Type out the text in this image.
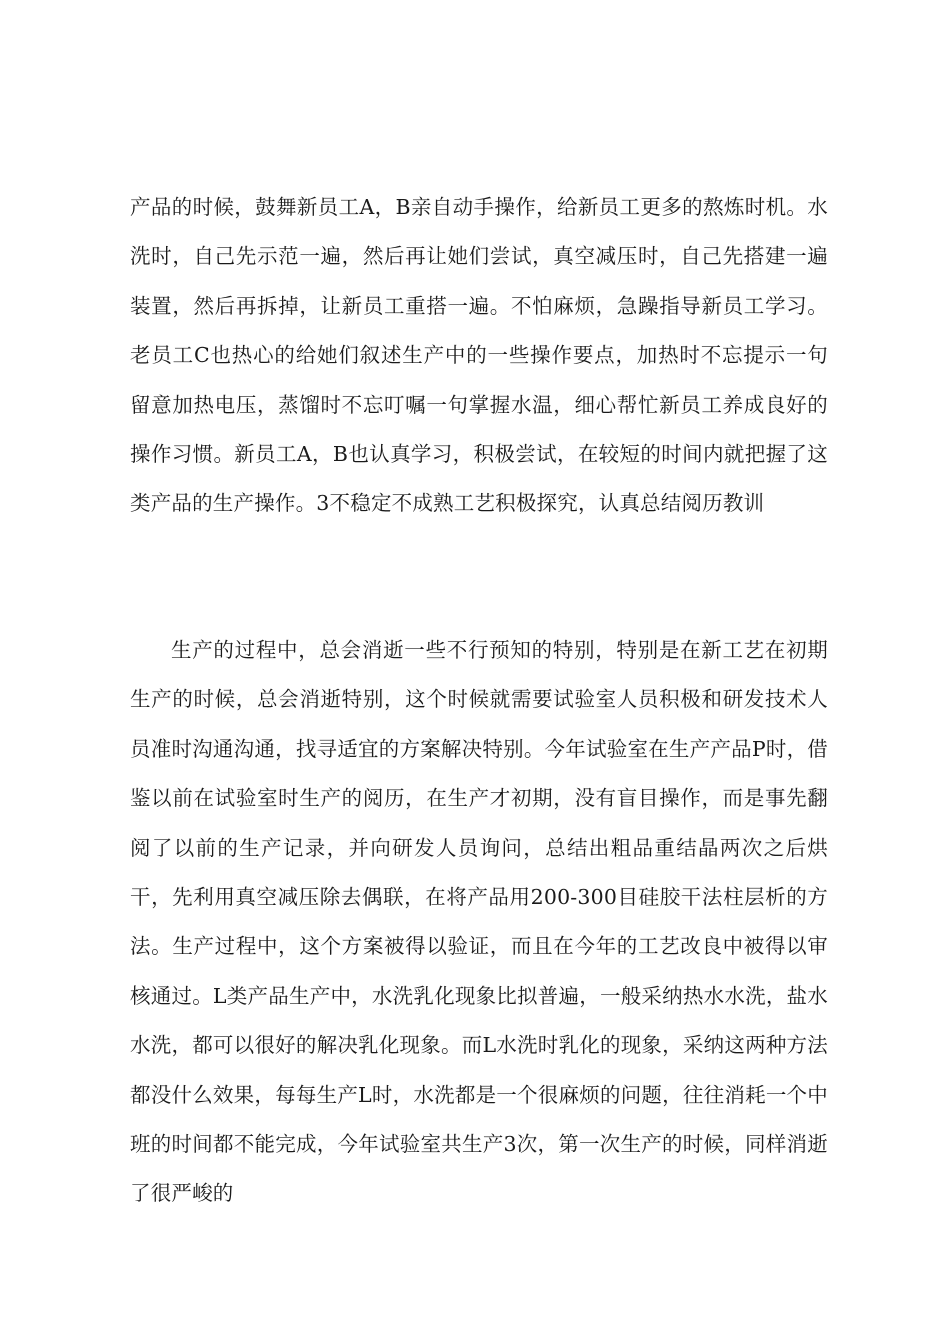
产品的时候，鼓舞新员工A，B亲自动手操作，给新员工更多的熬炼时机。水洗时，自己先示范一遍，然后再让她们尝试，真空减压时，自己先搭建一遍装置，然后再拆掉，让新员工重搭一遍。不怕麻烦，急躁指导新员工学习。老员工C也热心的给她们叙述生产中的一些操作要点，加热时不忘提示一句留意加热电压，蒸馏时不忘叮嘱一句掌握水温，细心帮忙新员工养成良好的操作习惯。新员工A，B也认真学习，积极尝试，在较短的时间内就把握了这类产品的生产操作。3不稳定不成熟工艺积极探究，认真总结阅历教训

生产的过程中，总会消逝一些不行预知的特别，特别是在新工艺在初期生产的时候，总会消逝特别，这个时候就需要试验室人员积极和研发技术人员准时沟通沟通，找寻适宜的方案解决特别。今年试验室在生产产品P时，借鉴以前在试验室时生产的阅历，在生产才初期，没有盲目操作，而是事先翻阅了以前的生产记录，并向研发人员询问，总结出粗品重结晶两次之后烘干，先利用真空减压除去偶联，在将产品用200-300目硅胶干法柱层析的方法。生产过程中，这个方案被得以验证，而且在今年的工艺改良中被得以审核通过。L类产品生产中，水洗乳化现象比拟普遍，一般采纳热水水洗，盐水水洗，都可以很好的解决乳化现象。而L水洗时乳化的现象，采纳这两种方法都没什么效果，每每生产L时，水洗都是一个很麻烦的问题，往往消耗一个中班的时间都不能完成，今年试验室共生产3次，第一次生产的时候，同样消逝了很严峻的
